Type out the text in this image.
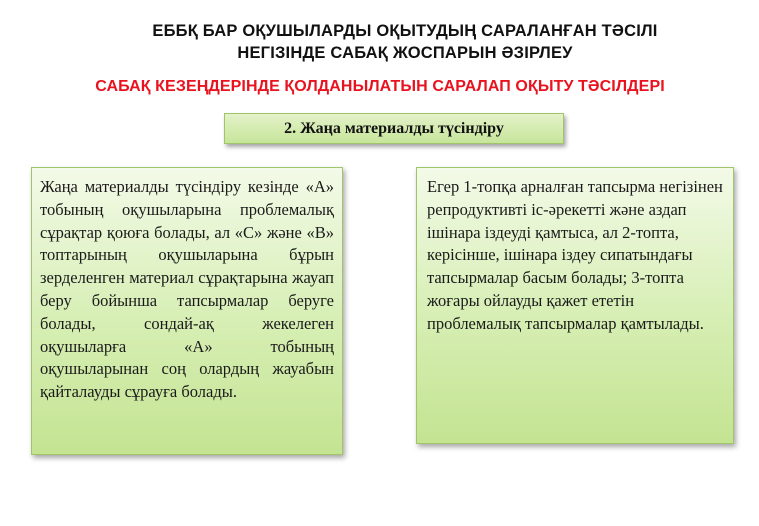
ЕББҚ БАР ОҚУШЫЛАРДЫ ОҚЫТУДЫҢ САРАЛАНҒАН ТӘСІЛІ
НЕГІЗІНДЕ САБАҚ ЖОСПАРЫН ӘЗІРЛЕУ
САБАҚ КЕЗЕҢДЕРІНДЕ ҚОЛДАНЫЛАТЫН САРАЛАП ОҚЫТУ ТӘСІЛДЕРІ
2. Жаңа материалды түсіндіру

Жаңа материалды түсіндіру кезінде «А» тобының оқушыларына проблемалық сұрақтар қоюға болады, ал «С» және «В» топтарының оқушыларына бұрын зерделенген материал сұрақтарына жауап беру бойынша тапсырмалар беруге болады, сондай-ақ жекелеген оқушыларға «А» тобының оқушыларынан соң олардың жауабын қайталауды сұрауға болады.

Егер 1-топқа арналған тапсырма негізінен репродуктивті іс-әрекетті және аздап ішінара іздеуді қамтыса, ал 2-топта, керісінше, ішінара іздеу сипатындағы тапсырмалар басым болады; 3-топта жоғары ойлауды қажет ететін проблемалық тапсырмалар қамтылады.
